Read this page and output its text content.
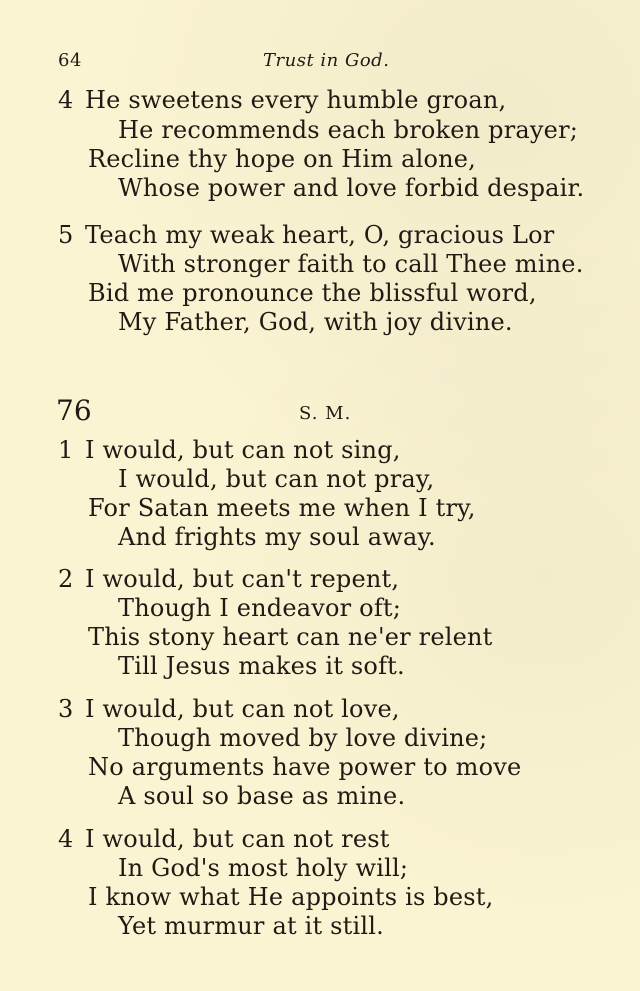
64	Trust in God.
4 He sweetens every humble groan,
He recommends each broken prayer;
Recline thy hope on Him alone,
Whose power and love forbid despair.
5 Teach my weak heart, O, gracious Lor
With stronger faith to call Thee mine.
Bid me pronounce the blissful word,
My Father, God, with joy divine.
76	S. M.
1 I would, but can not sing,
I would, but can not pray,
For Satan meets me when I try,
And frights my soul away.
2 I would, but can't repent,
Though I endeavor oft;
This stony heart can ne'er relent
Till Jesus makes it soft.
3 I would, but can not love,
Though moved by love divine;
No arguments have power to move
A soul so base as mine.
4 I would, but can not rest
In God's most holy will;
I know what He appoints is best,
Yet murmur at it still.
